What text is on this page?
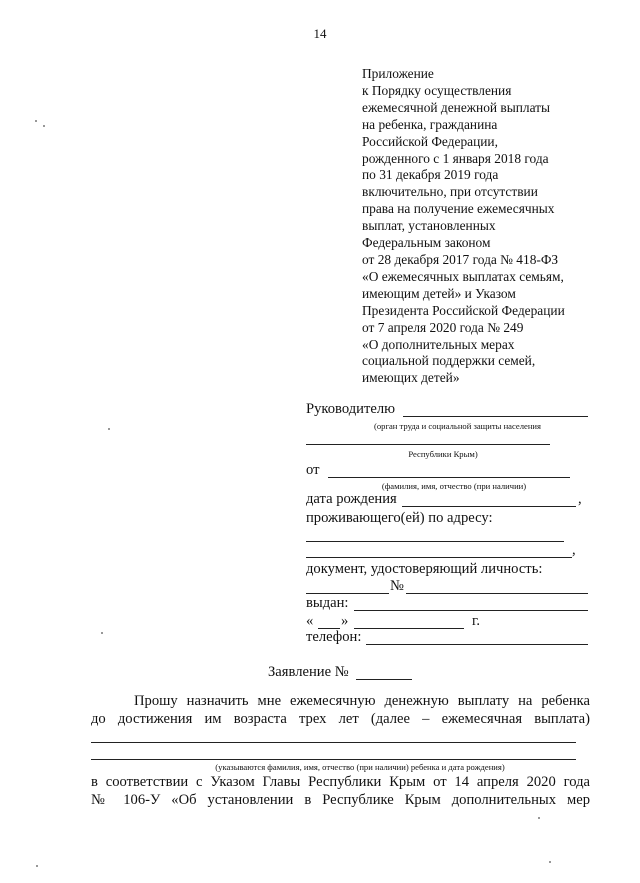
14
Приложение
к Порядку осуществления
ежемесячной денежной выплаты
на ребенка, гражданина
Российской Федерации,
рожденного с 1 января 2018 года
по 31 декабря 2019 года
включительно, при отсутствии
права на получение ежемесячных
выплат, установленных
Федеральным законом
от 28 декабря 2017 года № 418-ФЗ
«О ежемесячных выплатах семьям,
имеющим детей» и Указом
Президента Российской Федерации
от 7 апреля 2020 года № 249
«О дополнительных мерах
социальной поддержки семей,
имеющих детей»
Руководителю
(орган труда и социальной защиты населения
Республики Крым)
от
(фамилия, имя, отчество (при наличии)
дата рождения	,
проживающего(ей) по адресу:
,
документ, удостоверяющий личность:
№
выдан:
« »	г.
телефон:
Заявление №
Прошу назначить мне ежемесячную денежную выплату на ребенка
до достижения им возраста трех лет (далее – ежемесячная выплата)
(указываются фамилия, имя, отчество (при наличии) ребенка и дата рождения)
в соответствии с Указом Главы Республики Крым от 14 апреля 2020 года
№ 106-У «Об установлении в Республике Крым дополнительных мер
